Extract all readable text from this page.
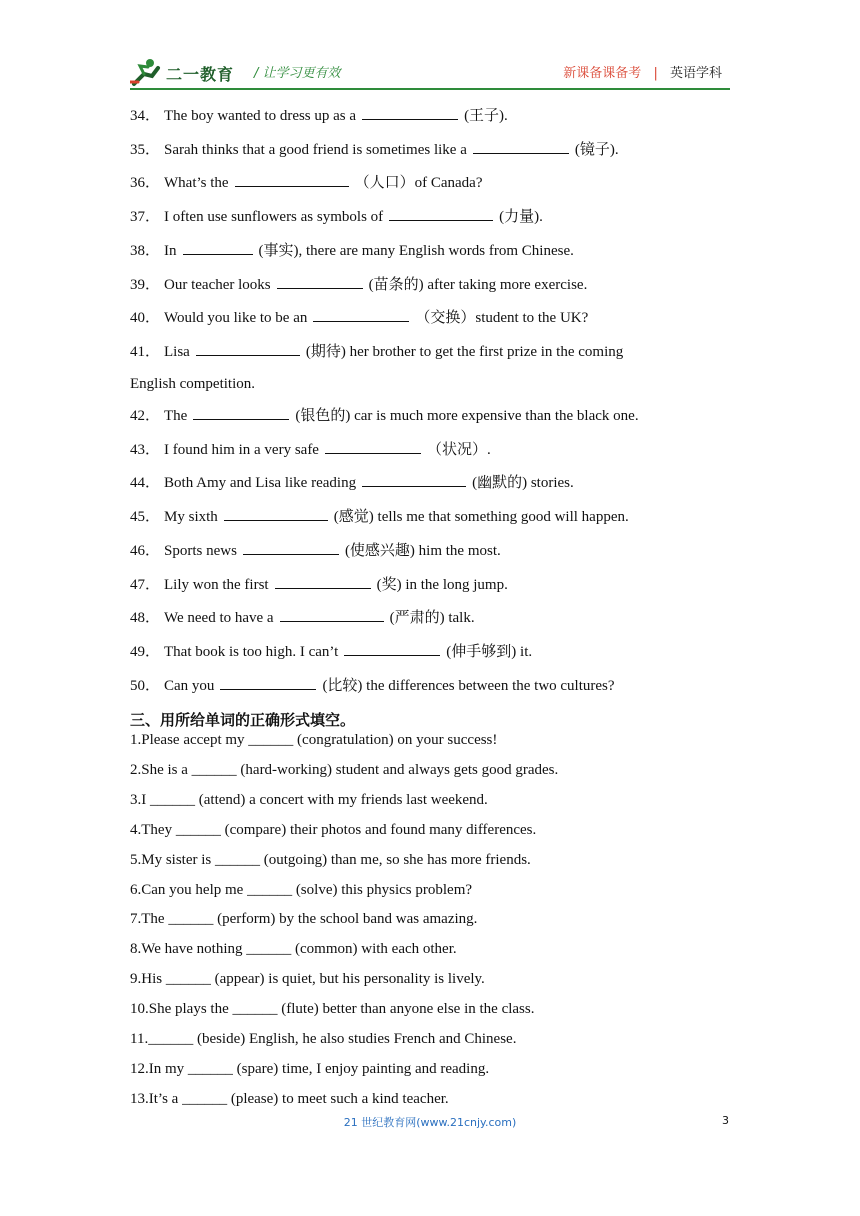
二一教育 / 让学习更有效	新课备课备考 | 英语学科
34． The boy wanted to dress up as a	(王子).
35． Sarah thinks that a good friend is sometimes like a	(镜子).
36． What’s the	（人口）of Canada?
37． I often use sunflowers as symbols of	(力量).
38． In	(事实), there are many English words from Chinese.
39． Our teacher looks	(苗条的) after taking more exercise.
40． Would you like to be an	（交换）student to the UK?
41． Lisa	(期待) her brother to get the first prize in the coming
English competition.
42． The	(银色的) car is much more expensive than the black one.
43． I found him in a very safe	（状况）.
44． Both Amy and Lisa like reading	(幽默的) stories.
45． My sixth	(感觉) tells me that something good will happen.
46． Sports news	(使感兴趣) him the most.
47． Lily won the first	(奖) in the long jump.
48． We need to have a	(严肃的) talk.
49． That book is too high. I can’t	(伸手够到) it.
50． Can you	(比较) the differences between the two cultures?
三、用所给单词的正确形式填空。
1.Please accept my ______ (congratulation) on your success!
2.She is a ______ (hard-working) student and always gets good grades.
3.I ______ (attend) a concert with my friends last weekend.
4.They ______ (compare) their photos and found many differences.
5.My sister is ______ (outgoing) than me, so she has more friends.
6.Can you help me ______ (solve) this physics problem?
7.The ______ (perform) by the school band was amazing.
8.We have nothing ______ (common) with each other.
9.His ______ (appear) is quiet, but his personality is lively.
10.She plays the ______ (flute) better than anyone else in the class.
11.______ (beside) English, he also studies French and Chinese.
12.In my ______ (spare) time, I enjoy painting and reading.
13.It’s a ______ (please) to meet such a kind teacher.
21 世纪教育网(www.21cnjy.com)	3
